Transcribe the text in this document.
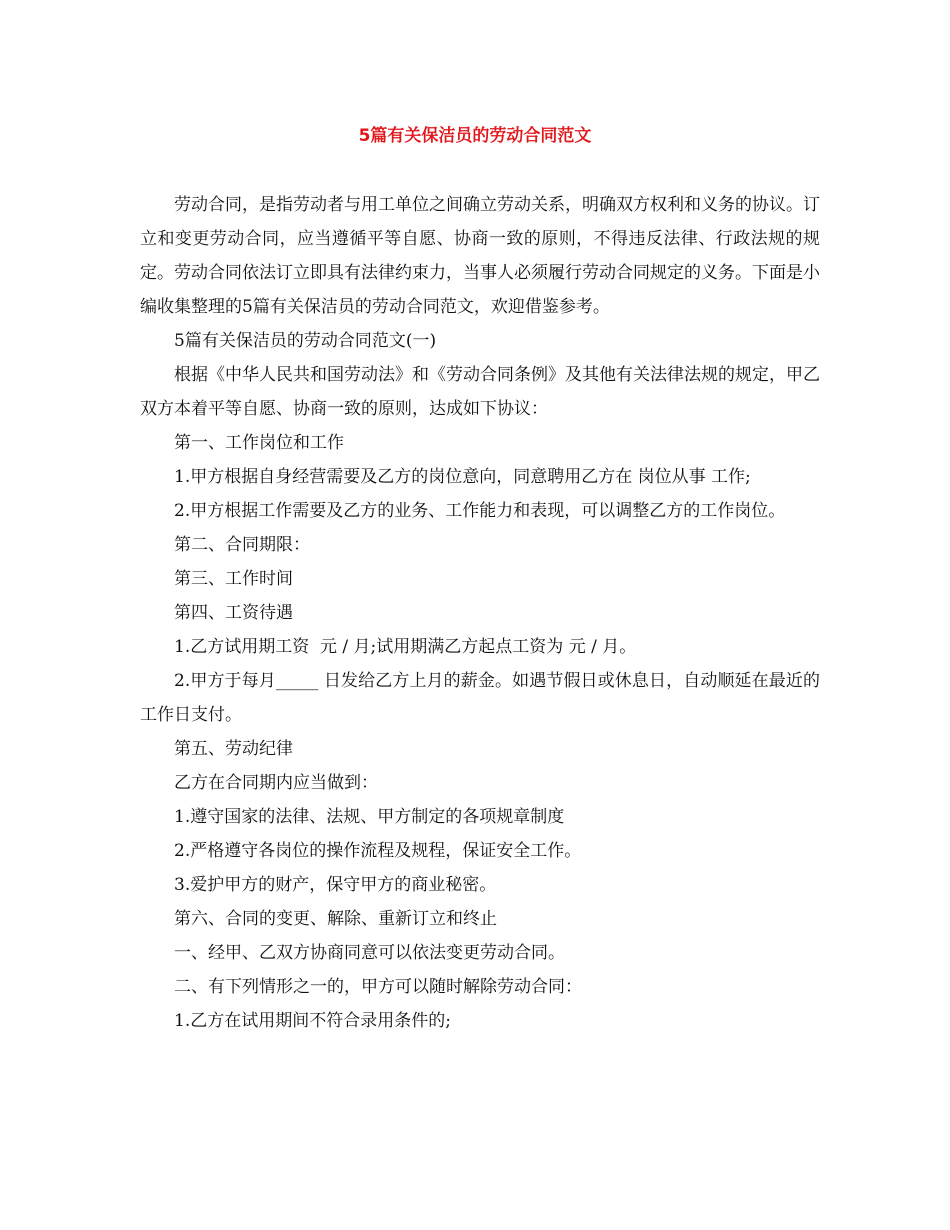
5篇有关保洁员的劳动合同范文

劳动合同，是指劳动者与用工单位之间确立劳动关系，明确双方权利和义务的协议。订立和变更劳动合同，应当遵循平等自愿、协商一致的原则，不得违反法律、行政法规的规定。劳动合同依法订立即具有法律约束力，当事人必须履行劳动合同规定的义务。下面是小编收集整理的5篇有关保洁员的劳动合同范文，欢迎借鉴参考。

5篇有关保洁员的劳动合同范文(一)

根据《中华人民共和国劳动法》和《劳动合同条例》及其他有关法律法规的规定，甲乙双方本着平等自愿、协商一致的原则，达成如下协议：

第一、工作岗位和工作

1.甲方根据自身经营需要及乙方的岗位意向，同意聘用乙方在 岗位从事 工作;

2.甲方根据工作需要及乙方的业务、工作能力和表现，可以调整乙方的工作岗位。

第二、合同期限：

第三、工作时间

第四、工资待遇

1.乙方试用期工资  元 / 月;试用期满乙方起点工资为 元 / 月。

2.甲方于每月_____ 日发给乙方上月的薪金。如遇节假日或休息日，自动顺延在最近的工作日支付。

第五、劳动纪律

乙方在合同期内应当做到：

1.遵守国家的法律、法规、甲方制定的各项规章制度

2.严格遵守各岗位的操作流程及规程，保证安全工作。

3.爱护甲方的财产，保守甲方的商业秘密。

第六、合同的变更、解除、重新订立和终止

一、经甲、乙双方协商同意可以依法变更劳动合同。

二、有下列情形之一的，甲方可以随时解除劳动合同：

1.乙方在试用期间不符合录用条件的;
